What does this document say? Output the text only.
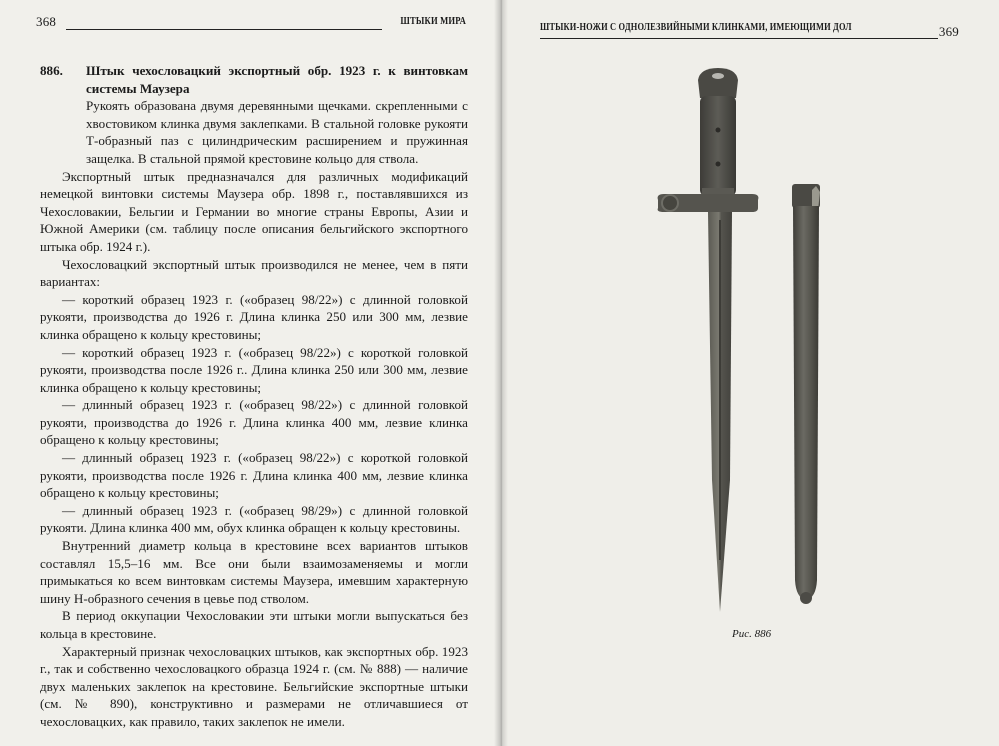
368	ШТЫКИ МИРА
886. Штык чехословацкий экспортный обр. 1923 г. к винтовкам системы Маузера
Рукоять образована двумя деревянными щечками. скрепленными с хвостовиком клинка двумя заклепками. В стальной головке рукояти Т-образный паз с цилиндрическим расширением и пружинная защелка. В стальной прямой крестовине кольцо для ствола.

Экспортный штык предназначался для различных модификаций немецкой винтовки системы Маузера обр. 1898 г., поставлявшихся из Чехословакии, Бельгии и Германии во многие страны Европы, Азии и Южной Америки (см. таблицу после описания бельгийского экспортного штыка обр. 1924 г.).

Чехословацкий экспортный штык производился не менее, чем в пяти вариантах:

— короткий образец 1923 г. («образец 98/22») с длинной головкой рукояти, производства до 1926 г. Длина клинка 250 или 300 мм, лезвие клинка обращено к кольцу крестовины;

— короткий образец 1923 г. («образец 98/22») с короткой головкой рукояти, производства после 1926 г.. Длина клинка 250 или 300 мм, лезвие клинка обращено к кольцу крестовины;

— длинный образец 1923 г. («образец 98/22») с длинной головкой рукояти, производства до 1926 г. Длина клинка 400 мм, лезвие клинка обращено к кольцу крестовины;

— длинный образец 1923 г. («образец 98/22») с короткой головкой рукояти, производства после 1926 г. Длина клинка 400 мм, лезвие клинка обращено к кольцу крестовины;

— длинный образец 1923 г. («образец 98/29») с длинной головкой рукояти. Длина клинка 400 мм, обух клинка обращен к кольцу крестовины.

Внутренний диаметр кольца в крестовине всех вариантов штыков составлял 15,5–16 мм. Все они были взаимозаменяемы и могли примыкаться ко всем винтовкам системы Маузера, имевшим характерную шину Н-образного сечения в цевье под стволом.

В период оккупации Чехословакии эти штыки могли выпускаться без кольца в крестовине.

Характерный признак чехословацких штыков, как экспортных обр. 1923 г., так и собственно чехословацкого образца 1924 г. (см. № 888) — наличие двух маленьких заклепок на крестовине. Бельгийские экспортные штыки (см. № 890), конструктивно и размерами не отличавшиеся от чехословацких, как правило, таких заклепок не имели.

ШТЫКИ-НОЖИ С ОДНОЛЕЗВИЙНЫМИ КЛИНКАМИ, ИМЕЮЩИМИ ДОЛ	369
Рис. 886
